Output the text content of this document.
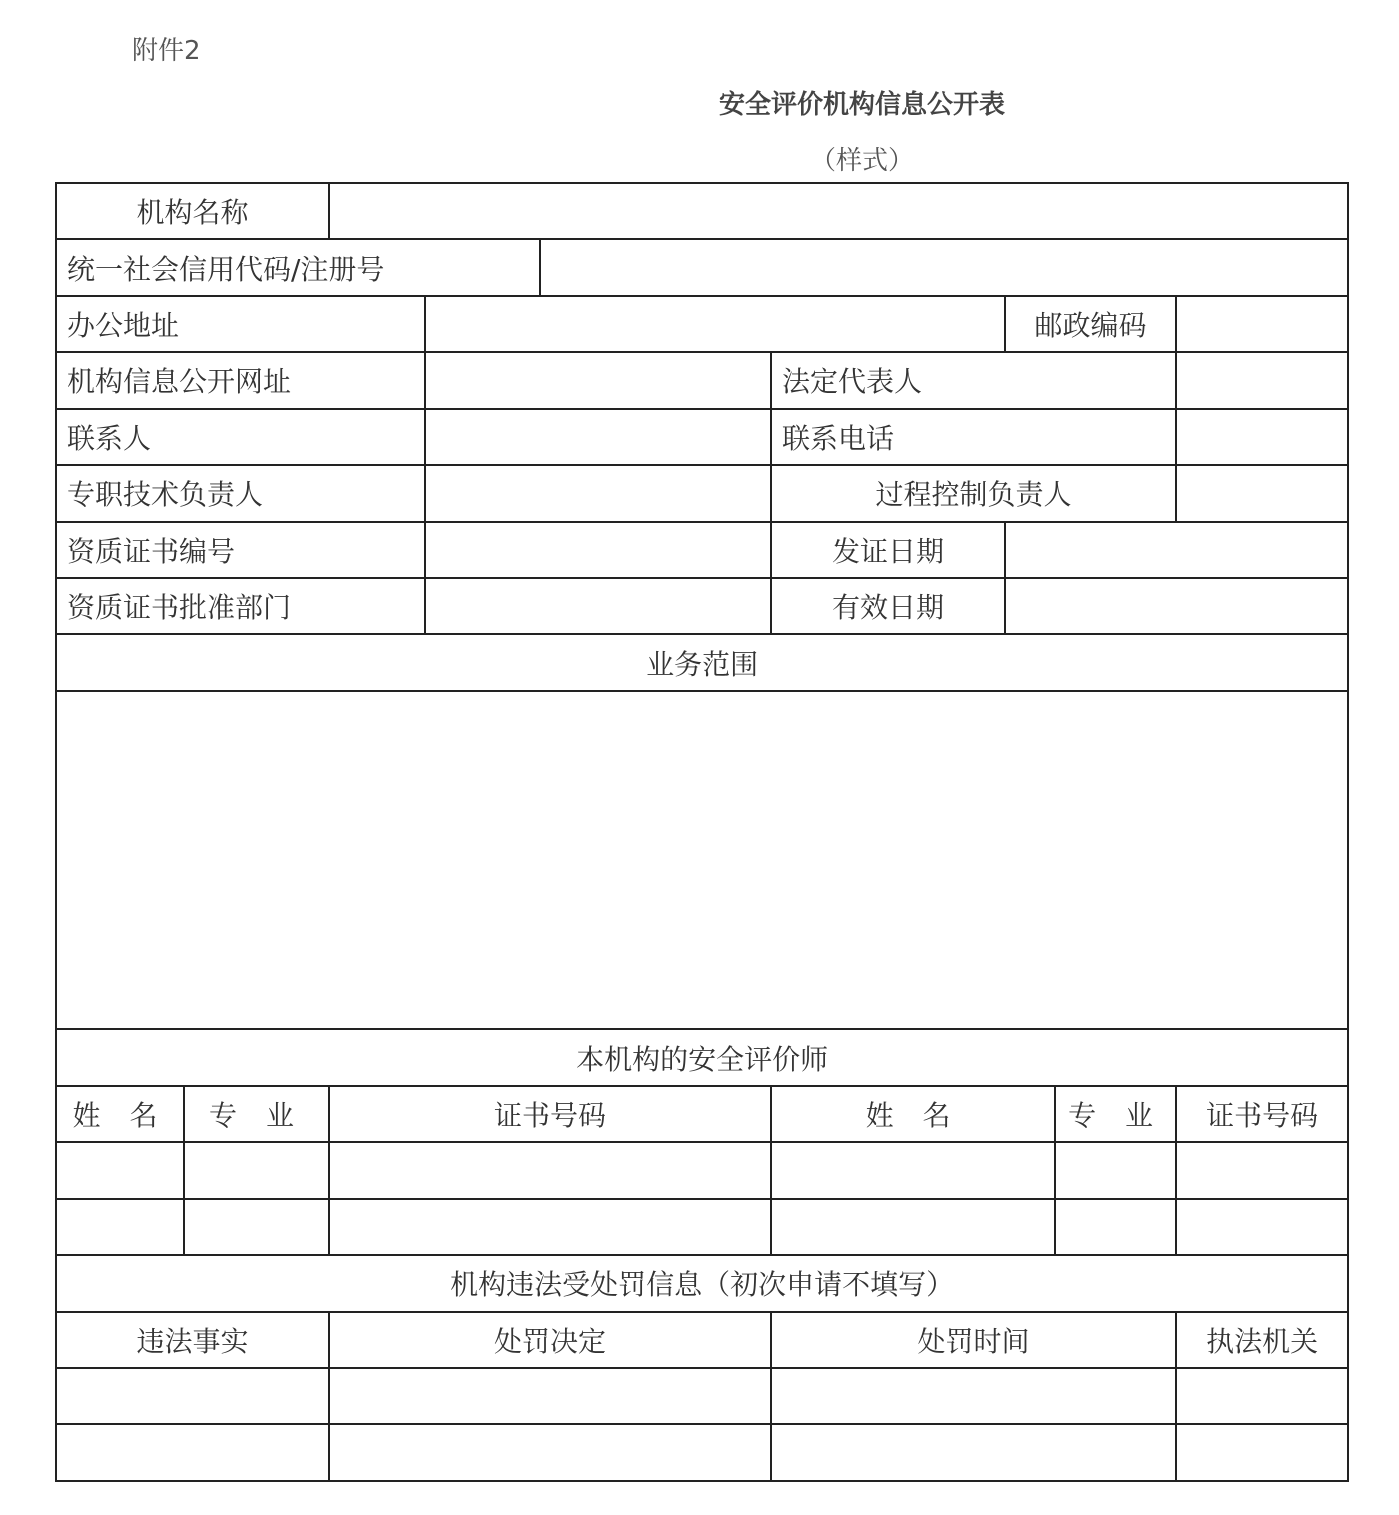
附件2
安全评价机构信息公开表
（样式）
机构名称								
统一社会信用代码/注册号								
办公地址						邮政编码		
机构信息公开网址					法定代表人			
联系人					联系电话			
专职技术负责人					过程控制负责人			
资质证书编号					发证日期			
资质证书批准部门					有效日期			
业务范围								

本机构的安全评价师								
姓 名	专 业	证书号码			姓 名		专 业	证书号码

机构违法受处罚信息（初次申请不填写）								
违法事实		处罚决定			处罚时间			执法机关
